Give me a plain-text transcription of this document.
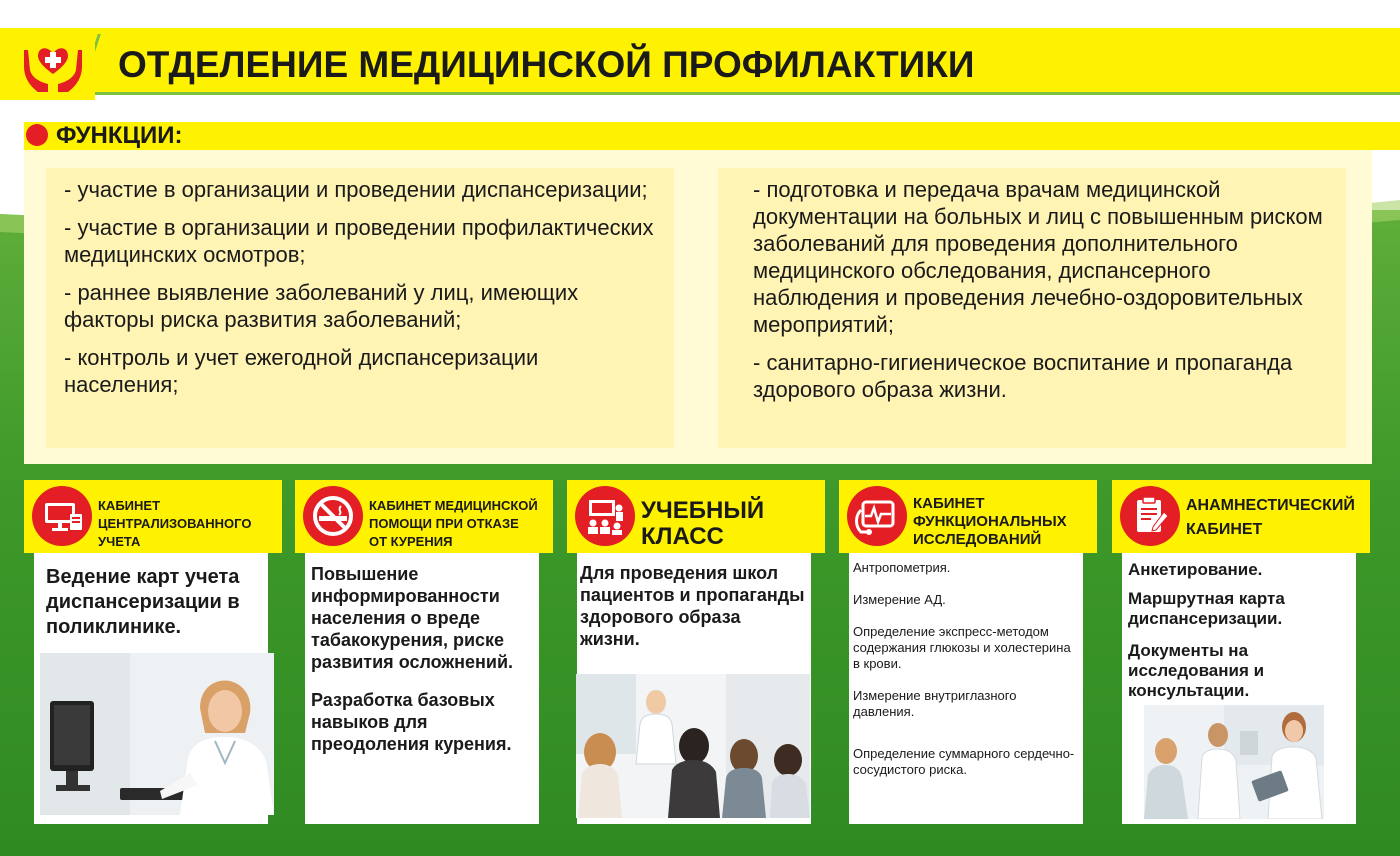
ОТДЕЛЕНИЕ МЕДИЦИНСКОЙ ПРОФИЛАКТИКИ
ФУНКЦИИ:
- участие в организации и проведении диспансеризации;
- участие в организации и проведении профилактических медицинских осмотров;
- раннее выявление заболеваний у лиц, имеющих факторы риска развития заболеваний;
- контроль и учет ежегодной диспансеризации населения;
- подготовка и передача врачам медицинской документации на больных и лиц с повышенным риском заболеваний для проведения дополнительного медицинского обследования, диспансерного наблюдения и проведения лечебно-оздоровительных мероприятий;
- санитарно-гигиеническое воспитание и пропаганда здорового образа жизни.
КАБИНЕТ
ЦЕНТРАЛИЗОВАННОГО
УЧЕТА

Ведение карт учета диспансеризации в поликлинике.

КАБИНЕТ МЕДИЦИНСКОЙ
ПОМОЩИ ПРИ ОТКАЗЕ
ОТ КУРЕНИЯ

Повышение информированности населения о вреде табакокурения, риске развития осложнений.

Разработка базовых навыков для преодоления курения.

УЧЕБНЫЙ
КЛАСС

Для проведения школ пациентов и пропаганды здорового образа жизни.

КАБИНЕТ
ФУНКЦИОНАЛЬНЫХ
ИССЛЕДОВАНИЙ

Антропометрия.

Измерение АД.

Определение экспресс-методом содержания глюкозы и холестерина в крови.

Измерение внутриглазного давления.

Определение суммарного сердечно-сосудистого риска.

АНАМНЕСТИЧЕСКИЙ
КАБИНЕТ

Анкетирование.

Маршрутная карта диспансеризации.

Документы на исследования и консультации.
